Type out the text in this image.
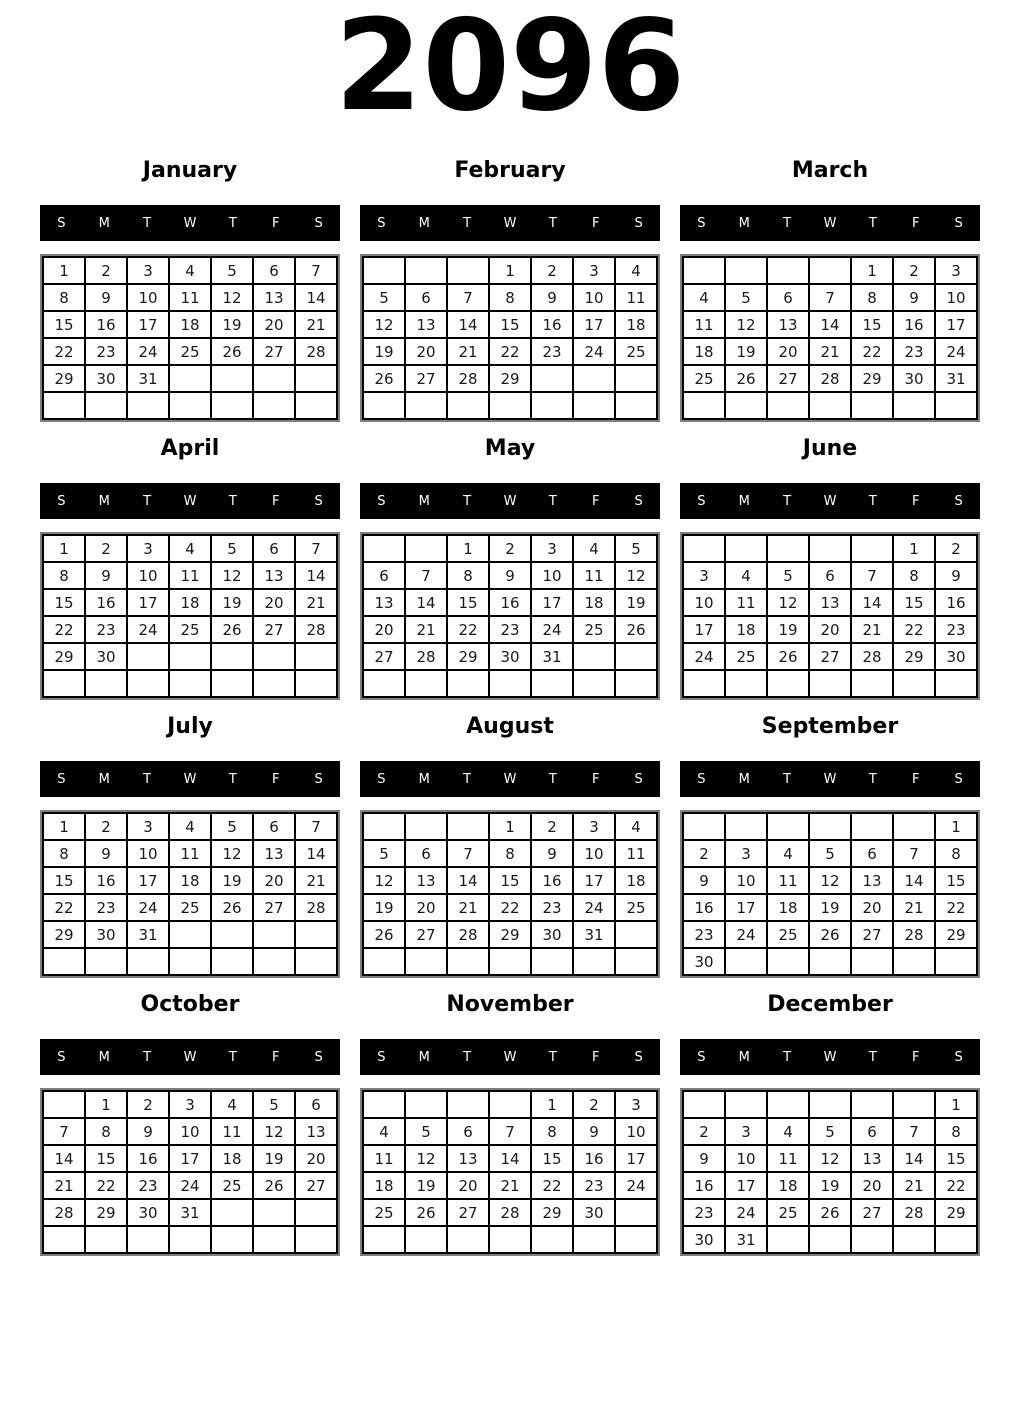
2096
January
S	M	T	W	T	F	S
1	2	3	4	5	6	7
8	9	10	11	12	13	14
15	16	17	18	19	20	21
22	23	24	25	26	27	28
29	30	31				

February
S	M	T	W	T	F	S
			1	2	3	4
5	6	7	8	9	10	11
12	13	14	15	16	17	18
19	20	21	22	23	24	25
26	27	28	29			

March
S	M	T	W	T	F	S
				1	2	3
4	5	6	7	8	9	10
11	12	13	14	15	16	17
18	19	20	21	22	23	24
25	26	27	28	29	30	31

April
S	M	T	W	T	F	S
1	2	3	4	5	6	7
8	9	10	11	12	13	14
15	16	17	18	19	20	21
22	23	24	25	26	27	28
29	30					

May
S	M	T	W	T	F	S
		1	2	3	4	5
6	7	8	9	10	11	12
13	14	15	16	17	18	19
20	21	22	23	24	25	26
27	28	29	30	31		

June
S	M	T	W	T	F	S
					1	2
3	4	5	6	7	8	9
10	11	12	13	14	15	16
17	18	19	20	21	22	23
24	25	26	27	28	29	30

July
S	M	T	W	T	F	S
1	2	3	4	5	6	7
8	9	10	11	12	13	14
15	16	17	18	19	20	21
22	23	24	25	26	27	28
29	30	31				

August
S	M	T	W	T	F	S
			1	2	3	4
5	6	7	8	9	10	11
12	13	14	15	16	17	18
19	20	21	22	23	24	25
26	27	28	29	30	31	

September
S	M	T	W	T	F	S
						1
2	3	4	5	6	7	8
9	10	11	12	13	14	15
16	17	18	19	20	21	22
23	24	25	26	27	28	29
30						
October
S	M	T	W	T	F	S
	1	2	3	4	5	6
7	8	9	10	11	12	13
14	15	16	17	18	19	20
21	22	23	24	25	26	27
28	29	30	31			

November
S	M	T	W	T	F	S
				1	2	3
4	5	6	7	8	9	10
11	12	13	14	15	16	17
18	19	20	21	22	23	24
25	26	27	28	29	30	

December
S	M	T	W	T	F	S
						1
2	3	4	5	6	7	8
9	10	11	12	13	14	15
16	17	18	19	20	21	22
23	24	25	26	27	28	29
30	31					
